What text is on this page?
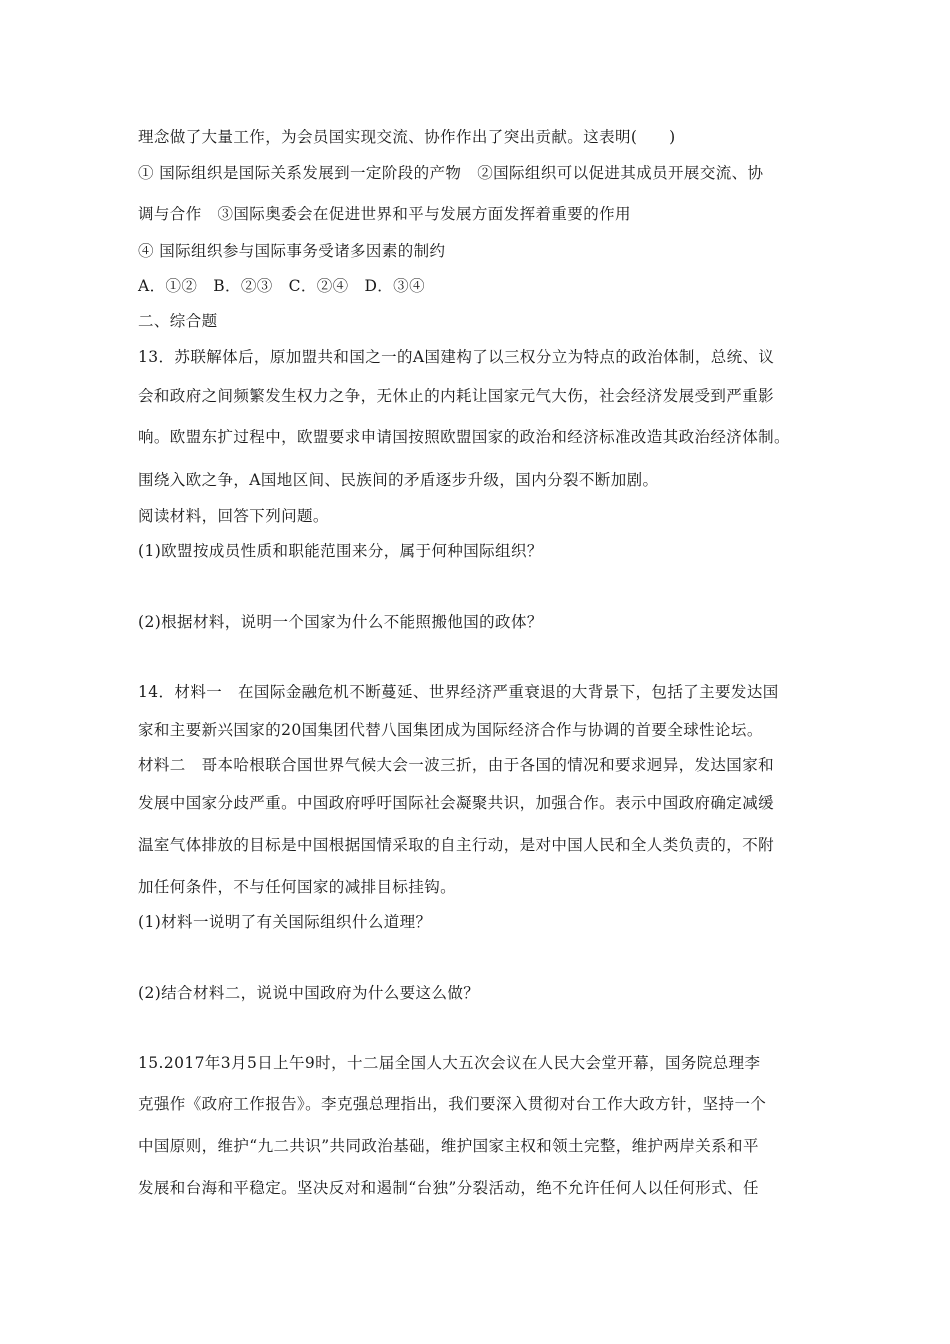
理念做了大量工作，为会员国实现交流、协作作出了突出贡献。这表明(　　)
① 国际组织是国际关系发展到一定阶段的产物　②国际组织可以促进其成员开展交流、协
调与合作　③国际奥委会在促进世界和平与发展方面发挥着重要的作用
④ 国际组织参与国际事务受诸多因素的制约
A．①②　B．②③　C．②④　D．③④
二、综合题
13．苏联解体后，原加盟共和国之一的A国建构了以三权分立为特点的政治体制，总统、议
会和政府之间频繁发生权力之争，无休止的内耗让国家元气大伤，社会经济发展受到严重影
响。欧盟东扩过程中，欧盟要求申请国按照欧盟国家的政治和经济标准改造其政治经济体制。
围绕入欧之争，A国地区间、民族间的矛盾逐步升级，国内分裂不断加剧。
阅读材料，回答下列问题。
(1)欧盟按成员性质和职能范围来分，属于何种国际组织？
(2)根据材料，说明一个国家为什么不能照搬他国的政体？
14．材料一　在国际金融危机不断蔓延、世界经济严重衰退的大背景下，包括了主要发达国
家和主要新兴国家的20国集团代替八国集团成为国际经济合作与协调的首要全球性论坛。
材料二　哥本哈根联合国世界气候大会一波三折，由于各国的情况和要求迥异，发达国家和
发展中国家分歧严重。中国政府呼吁国际社会凝聚共识，加强合作。表示中国政府确定减缓
温室气体排放的目标是中国根据国情采取的自主行动，是对中国人民和全人类负责的，不附
加任何条件，不与任何国家的减排目标挂钩。
(1)材料一说明了有关国际组织什么道理？
(2)结合材料二，说说中国政府为什么要这么做？
15.2017年3月5日上午9时，十二届全国人大五次会议在人民大会堂开幕，国务院总理李
克强作《政府工作报告》。李克强总理指出，我们要深入贯彻对台工作大政方针，坚持一个
中国原则，维护“九二共识”共同政治基础，维护国家主权和领土完整，维护两岸关系和平
发展和台海和平稳定。坚决反对和遏制“台独”分裂活动，绝不允许任何人以任何形式、任
